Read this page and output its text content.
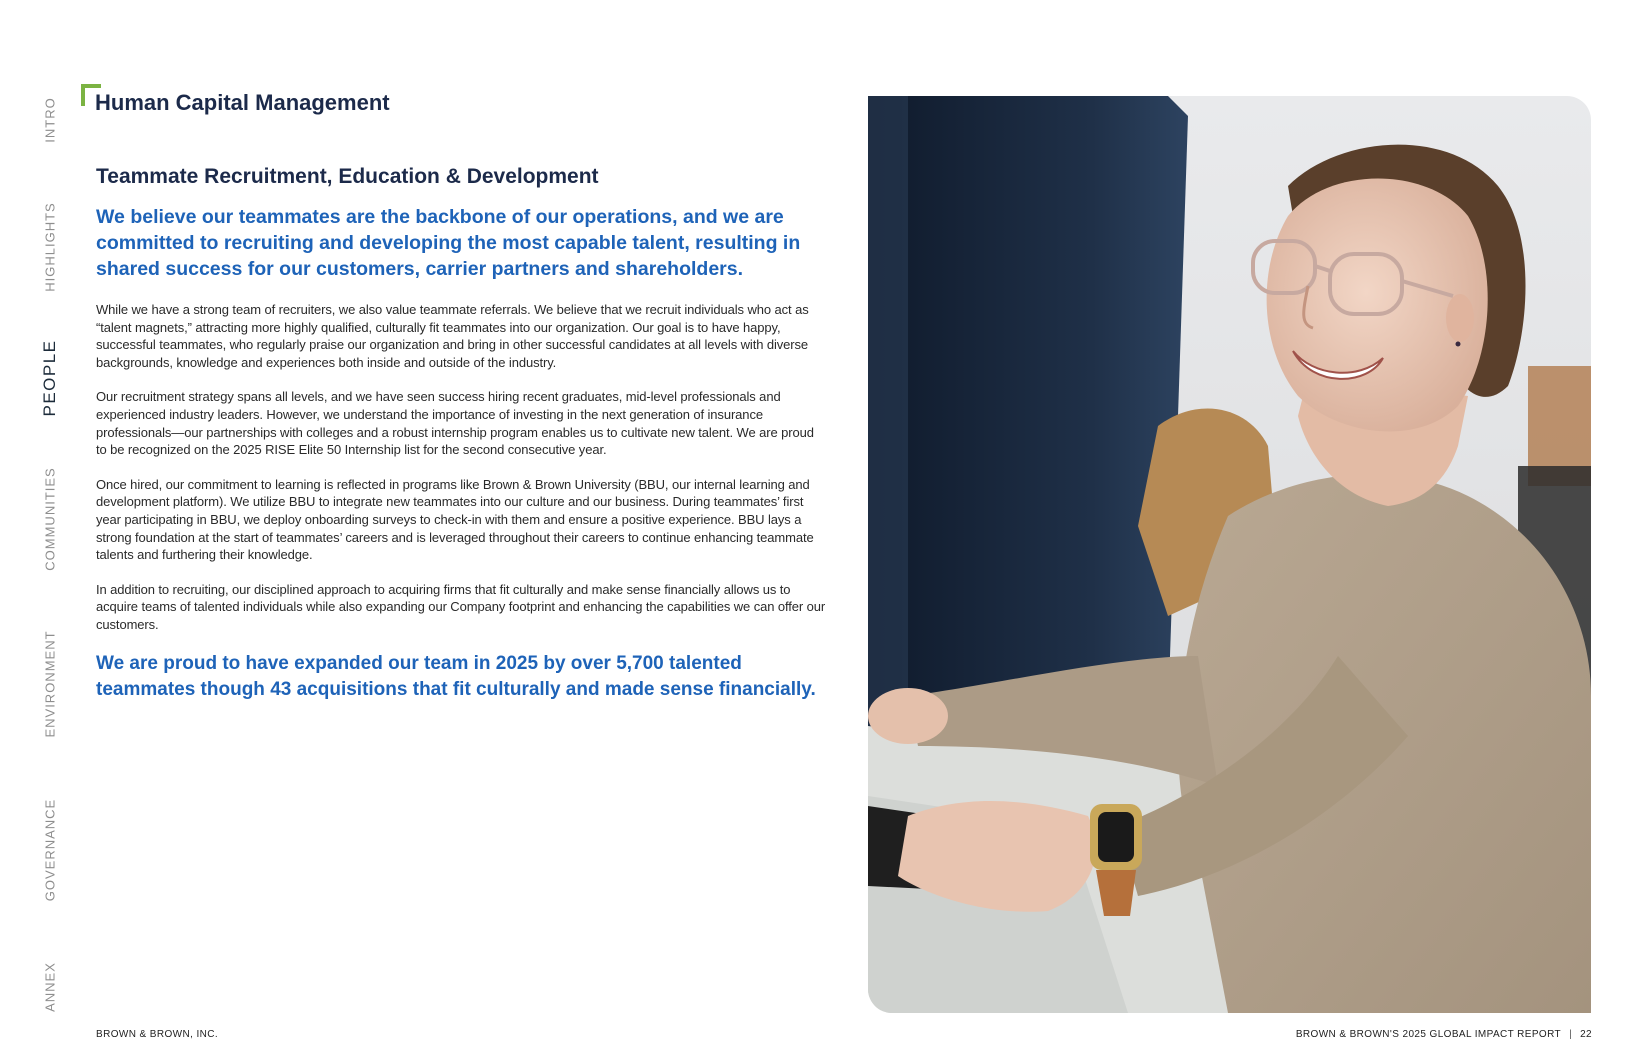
INTRO
HIGHLIGHTS
PEOPLE
COMMUNITIES
ENVIRONMENT
GOVERNANCE
ANNEX
Human Capital Management
Teammate Recruitment, Education & Development

We believe our teammates are the backbone of our operations, and we are committed to recruiting and developing the most capable talent, resulting in shared success for our customers, carrier partners and shareholders.

While we have a strong team of recruiters, we also value teammate referrals. We believe that we recruit individuals who act as “talent magnets,” attracting more highly qualified, culturally fit teammates into our organization. Our goal is to have happy, successful teammates, who regularly praise our organization and bring in other successful candidates at all levels with diverse backgrounds, knowledge and experiences both inside and outside of the industry.

Our recruitment strategy spans all levels, and we have seen success hiring recent graduates, mid-level professionals and experienced industry leaders. However, we understand the importance of investing in the next generation of insurance professionals—our partnerships with colleges and a robust internship program enables us to cultivate new talent. We are proud to be recognized on the 2025 RISE Elite 50 Internship list for the second consecutive year.

Once hired, our commitment to learning is reflected in programs like Brown & Brown University (BBU, our internal learning and development platform). We utilize BBU to integrate new teammates into our culture and our business. During teammates’ first year participating in BBU, we deploy onboarding surveys to check-in with them and ensure a positive experience. BBU lays a strong foundation at the start of teammates’ careers and is leveraged throughout their careers to continue enhancing teammate talents and furthering their knowledge.

In addition to recruiting, our disciplined approach to acquiring firms that fit culturally and make sense financially allows us to acquire teams of talented individuals while also expanding our Company footprint and enhancing the capabilities we can offer our customers.

We are proud to have expanded our team in 2025 by over 5,700 talented teammates though 43 acquisitions that fit culturally and made sense financially.

BROWN & BROWN, INC.	BROWN & BROWN'S 2025 GLOBAL IMPACT REPORT | 22
